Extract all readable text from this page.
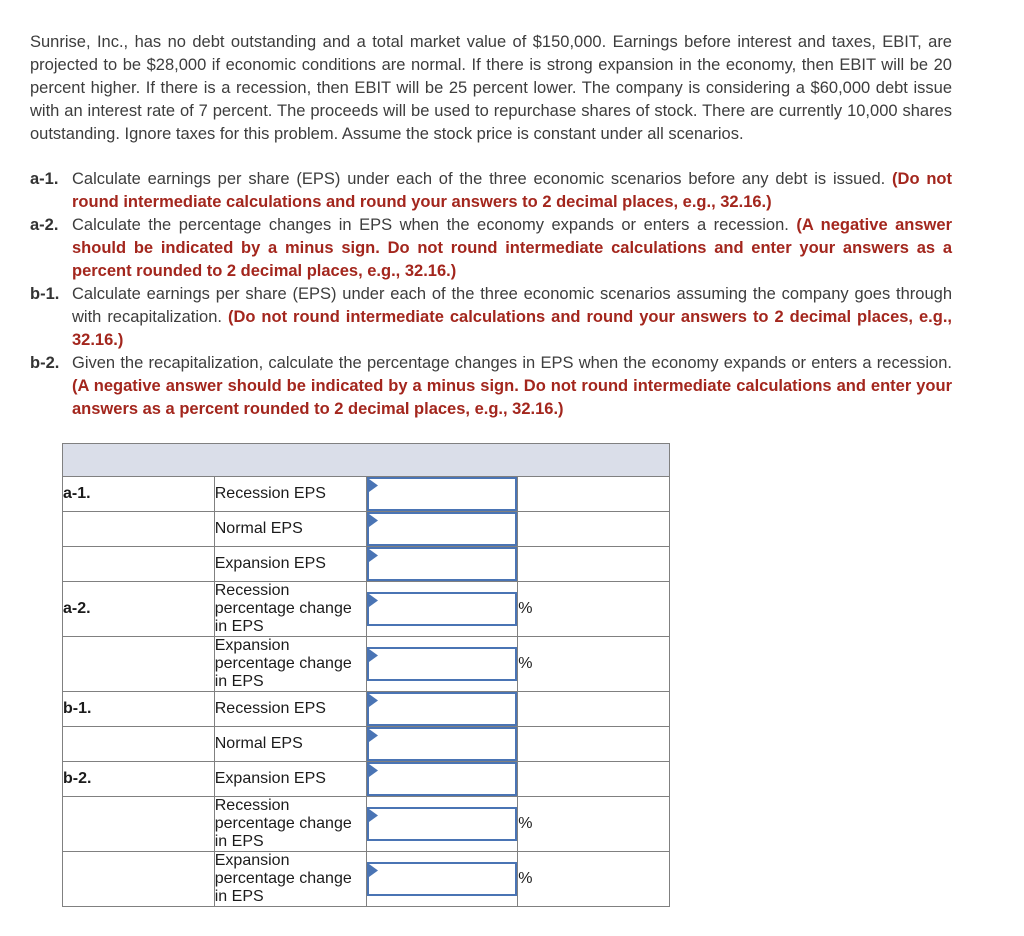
Sunrise, Inc., has no debt outstanding and a total market value of $150,000. Earnings before interest and taxes, EBIT, are projected to be $28,000 if economic conditions are normal. If there is strong expansion in the economy, then EBIT will be 20 percent higher. If there is a recession, then EBIT will be 25 percent lower. The company is considering a $60,000 debt issue with an interest rate of 7 percent. The proceeds will be used to repurchase shares of stock. There are currently 10,000 shares outstanding. Ignore taxes for this problem. Assume the stock price is constant under all scenarios.

a-1. Calculate earnings per share (EPS) under each of the three economic scenarios before any debt is issued. (Do not round intermediate calculations and round your answers to 2 decimal places, e.g., 32.16.)
a-2. Calculate the percentage changes in EPS when the economy expands or enters a recession. (A negative answer should be indicated by a minus sign. Do not round intermediate calculations and enter your answers as a percent rounded to 2 decimal places, e.g., 32.16.)
b-1. Calculate earnings per share (EPS) under each of the three economic scenarios assuming the company goes through with recapitalization. (Do not round intermediate calculations and round your answers to 2 decimal places, e.g., 32.16.)
b-2. Given the recapitalization, calculate the percentage changes in EPS when the economy expands or enters a recession. (A negative answer should be indicated by a minus sign. Do not round intermediate calculations and enter your answers as a percent rounded to 2 decimal places, e.g., 32.16.)

a-1.	Recession EPS	

	Normal EPS	

	Expansion EPS	

a-2.	Recession percentage change in EPS		%
	Expansion percentage change in EPS		%
b-1.	Recession EPS	

	Normal EPS	

b-2.	Expansion EPS	

	Recession percentage change in EPS		%
	Expansion percentage change in EPS		%
